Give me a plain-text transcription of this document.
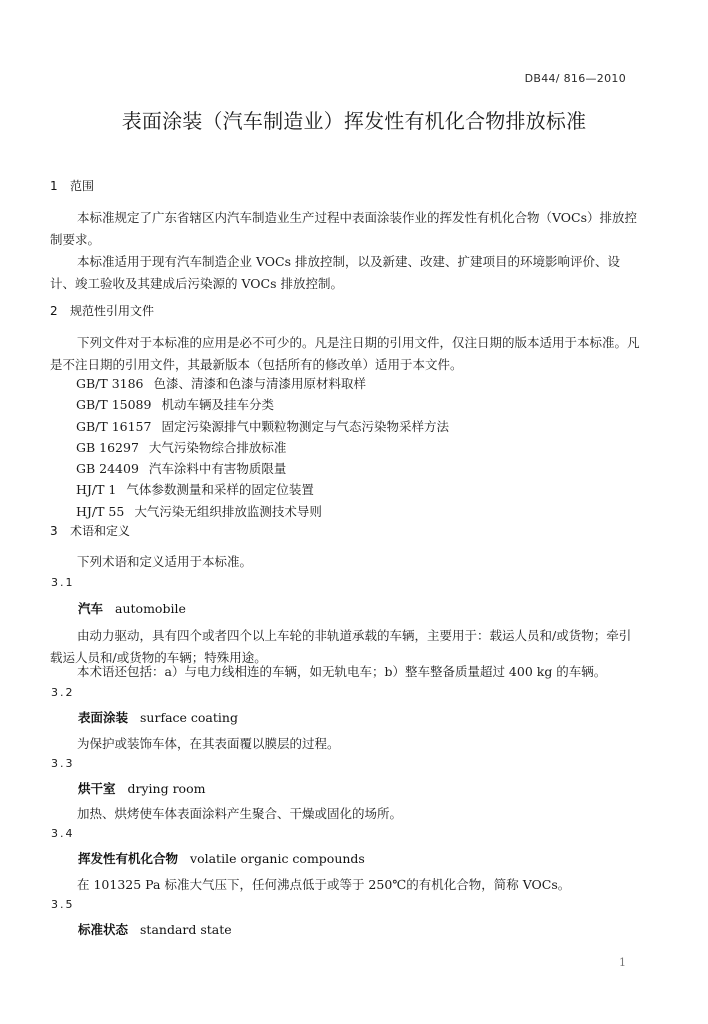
DB44/ 816—2010
表面涂装（汽车制造业）挥发性有机化合物排放标准
1 范围

本标准规定了广东省辖区内汽车制造业生产过程中表面涂装作业的挥发性有机化合物（VOCs）排放控制要求。

本标准适用于现有汽车制造企业 VOCs 排放控制，以及新建、改建、扩建项目的环境影响评价、设计、竣工验收及其建成后污染源的 VOCs 排放控制。

2 规范性引用文件

下列文件对于本标准的应用是必不可少的。凡是注日期的引用文件，仅注日期的版本适用于本标准。凡是不注日期的引用文件，其最新版本（包括所有的修改单）适用于本文件。

GB/T 3186 色漆、清漆和色漆与清漆用原材料取样
GB/T 15089 机动车辆及挂车分类
GB/T 16157 固定污染源排气中颗粒物测定与气态污染物采样方法
GB 16297 大气污染物综合排放标准
GB 24409 汽车涂料中有害物质限量
HJ/T 1 气体参数测量和采样的固定位装置
HJ/T 55 大气污染无组织排放监测技术导则
3 术语和定义

下列术语和定义适用于本标准。

3.1
汽车 automobile

由动力驱动，具有四个或者四个以上车轮的非轨道承载的车辆，主要用于：载运人员和/或货物；牵引载运人员和/或货物的车辆；特殊用途。

本术语还包括：a）与电力线相连的车辆，如无轨电车；b）整车整备质量超过 400 kg 的车辆。

3.2
表面涂装 surface coating

为保护或装饰车体，在其表面覆以膜层的过程。

3.3
烘干室 drying room

加热、烘烤使车体表面涂料产生聚合、干燥或固化的场所。

3.4
挥发性有机化合物 volatile organic compounds

在 101325 Pa 标准大气压下，任何沸点低于或等于 250℃的有机化合物，简称 VOCs。

3.5
标准状态 standard state
1
